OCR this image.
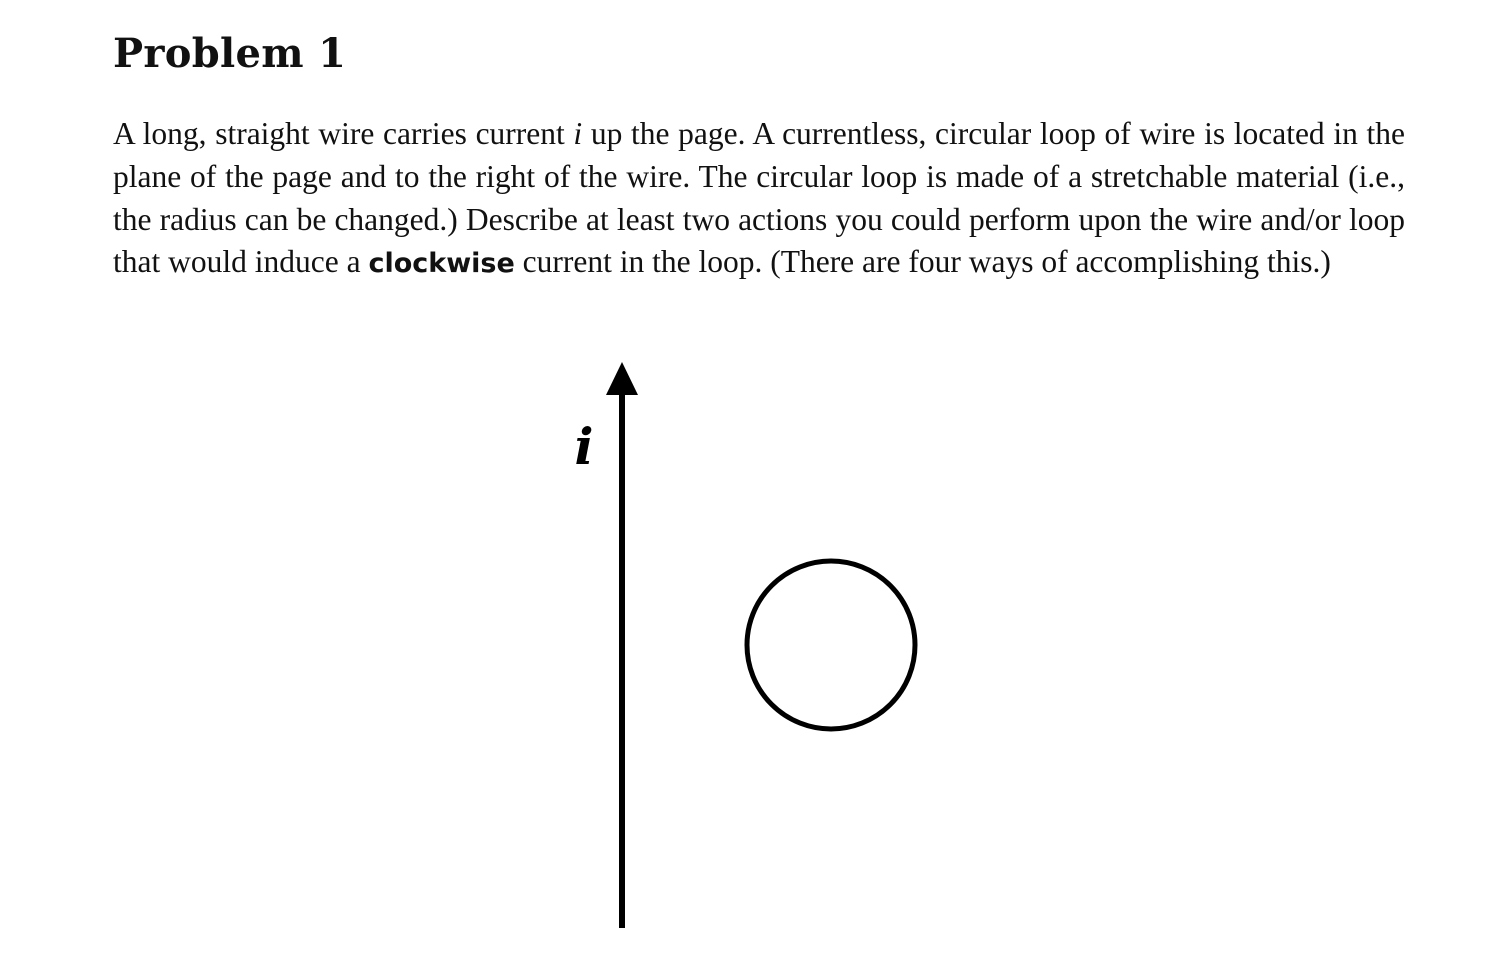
Problem 1

A long, straight wire carries current i up the page. A currentless, circular loop of wire is located in the plane of the page and to the right of the wire. The circular loop is made of a stretchable material (i.e., the radius can be changed.) Describe at least two actions you could perform upon the wire and/or loop that would induce a clockwise current in the loop. (There are four ways of accomplishing this.)

i
